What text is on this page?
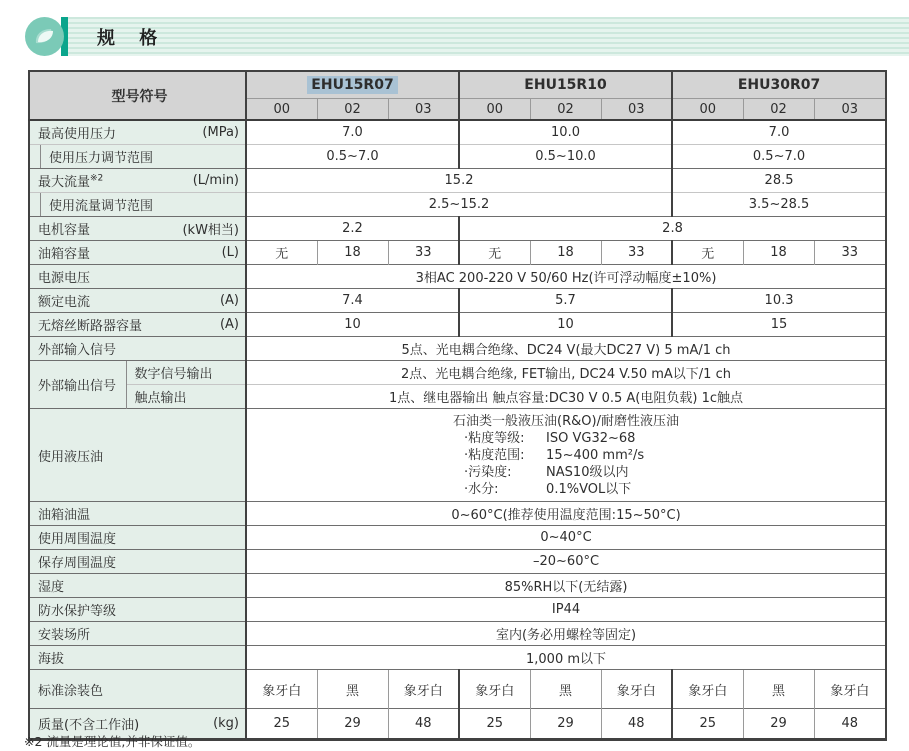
规 格
型号符号		EHU15R07			EHU15R10			EHU30R07		
		00	02	03	00	02	03	00	02	03

最高使用压力 (MPa)		7.0			10.0			7.0		
使用压力调节范围		0.5~7.0			0.5~10.0			0.5~7.0		

最大流量$^{※2}$ (L/min)		15.2						28.5		
使用流量调节范围		2.5~15.2						3.5~28.5		

电机容量 (kW相当)		2.2			2.8					

油箱容量 (L)		无	18	33	无	18	33	无	18	33
电源电压		3相AC 200-220 V 50/60 Hz(许可浮动幅度±10%)								

额定电流 (A)		7.4			5.7			10.3		

无熔丝断路器容量 (A)		10			10			15		
外部输入信号		5点、光电耦合绝缘、DC24 V(最大DC27 V) 5 mA/1 ch								
外部输出信号	数字信号输出	2点、光电耦合绝缘, FET输出, DC24 V.50 mA以下/1 ch								
	触点输出	1点、继电器输出 触点容量:DC30 V 0.5 A(电阻负载) 1c触点								
使用液压油		石油类一般液压油(R&O)/耐磨性液压油
·粘度等级: ISO VG32~68
·粘度范围: 15~400 mm²/s
·污染度: NAS10级以内
·水分: 0.1%VOL以下								

油箱油温		0~60°C(推荐使用温度范围:15~50°C)								
使用周围温度		0~40°C								
保存周围温度		–20~60°C								
湿度		85%RH以下(无结露)								
防水保护等级		IP44								
安装场所		室内(务必用螺栓等固定)								
海拔		1,000 m以下								
标准涂装色		象牙白	黑	象牙白	象牙白	黑	象牙白	象牙白	黑	象牙白

质量(不含工作油) (kg)		25	29	48	25	29	48	25	29	48
※2 流量是理论值,并非保证值。
